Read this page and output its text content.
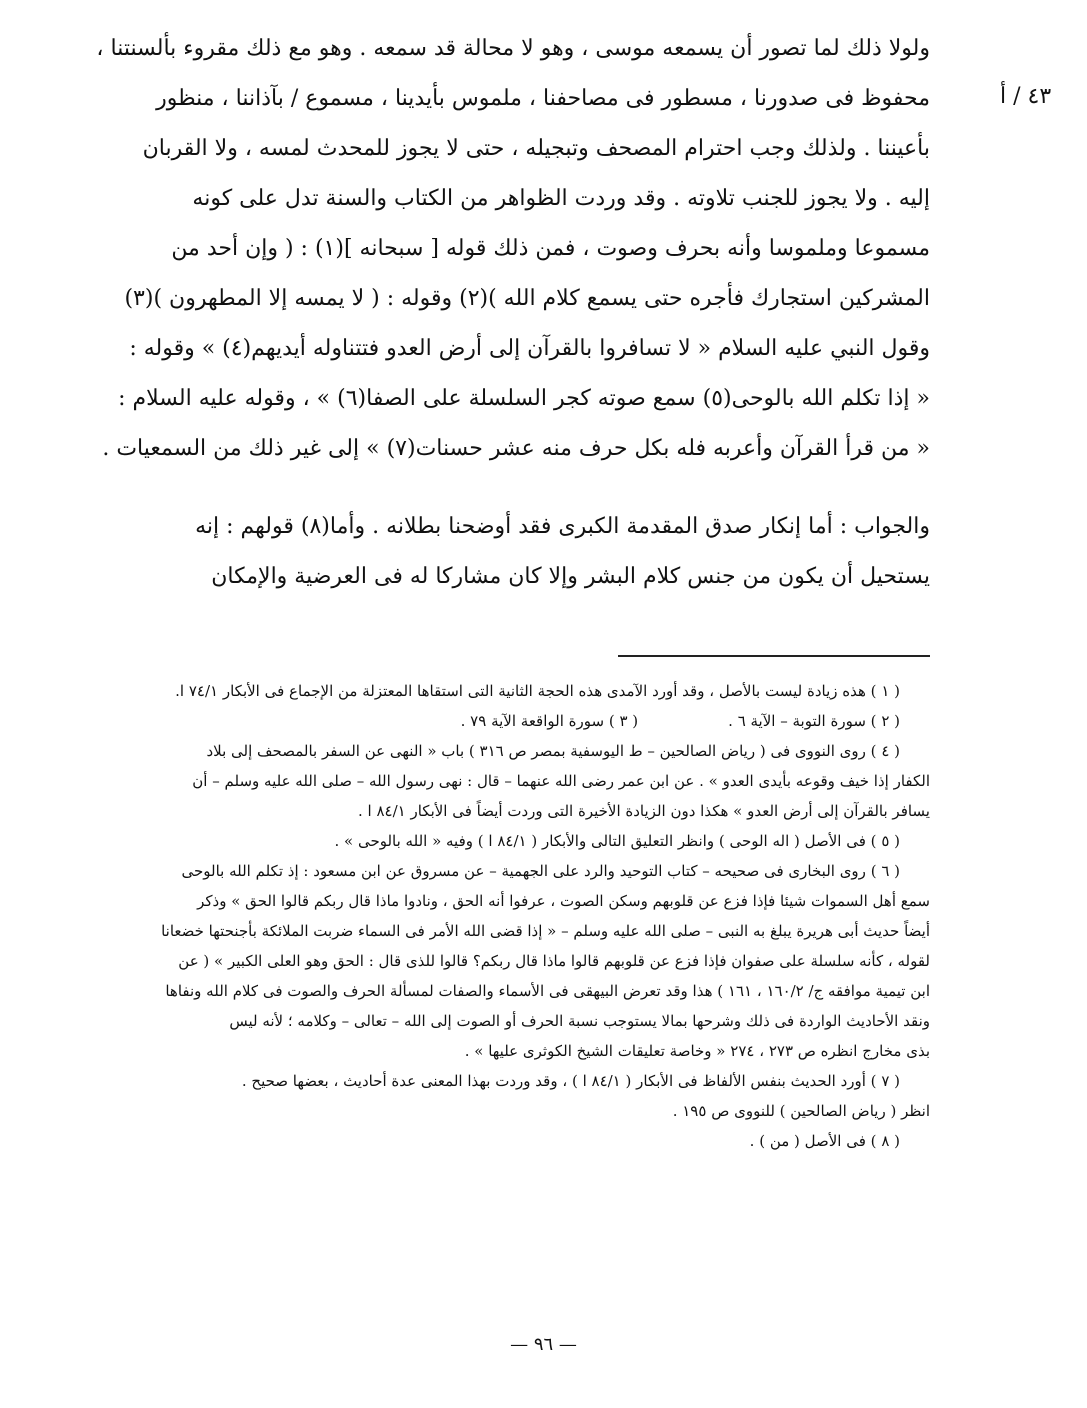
٤٣ / أ
ولولا ذلك لما تصور أن يسمعه موسى ، وهو لا محالة قد سمعه . وهو مع ذلك مقروء بألسنتنا ،
محفوظ فى صدورنا ، مسطور فى مصاحفنا ، ملموس بأيدينا ، مسموع / بآذاننا ، منظور
بأعيننا . ولذلك وجب احترام المصحف وتبجيله ، حتى لا يجوز للمحدث لمسه ، ولا القربان
إليه . ولا يجوز للجنب تلاوته . وقد وردت الظواهر من الكتاب والسنة تدل على كونه
مسموعا وملموسا وأنه بحرف وصوت ، فمن ذلك قوله [ سبحانه ](١) : ( وإن أحد من
المشركين استجارك فأجره حتى يسمع كلام الله )(٢) وقوله : ( لا يمسه إلا المطهرون )(٣)
وقول النبي عليه السلام « لا تسافروا بالقرآن إلى أرض العدو فتتناوله أيديهم(٤) » وقوله :
« إذا تكلم الله بالوحى(٥) سمع صوته كجر السلسلة على الصفا(٦) » ، وقوله عليه السلام :
« من قرأ القرآن وأعربه فله بكل حرف منه عشر حسنات(٧) » إلى غير ذلك من السمعيات .
والجواب : أما إنكار صدق المقدمة الكبرى فقد أوضحنا بطلانه . وأما(٨) قولهم : إنه
يستحيل أن يكون من جنس كلام البشر وإلا كان مشاركا له فى العرضية والإمكان
( ١ ) هذه زيادة ليست بالأصل ، وقد أورد الآمدى هذه الحجة الثانية التى استقاها المعتزلة من الإجماع فى الأبكار ٧٤/١ ا.
( ٢ ) سورة التوبة – الآية ٦ .
( ٣ ) سورة الواقعة الآية ٧٩ .
( ٤ ) روى النووى فى ( رياض الصالحين – ط اليوسفية بمصر ص ٣١٦ ) باب « النهى عن السفر بالمصحف إلى بلاد
الكفار إذا خيف وقوعه بأيدى العدو » . عن ابن عمر رضى الله عنهما – قال : نهى رسول الله – صلى الله عليه وسلم – أن
يسافر بالقرآن إلى أرض العدو » هكذا دون الزيادة الأخيرة التى وردت أيضاً فى الأبكار ٨٤/١ ا .
( ٥ ) فى الأصل ( اله الوحى ) وانظر التعليق التالى والأبكار ( ٨٤/١ ا ) وفيه « الله بالوحى » .
( ٦ ) روى البخارى فى صحيحه – كتاب التوحيد والرد على الجهمية – عن مسروق عن ابن مسعود : إذ تكلم الله بالوحى
سمع أهل السموات شيئا فإذا فزع عن قلوبهم وسكن الصوت ، عرفوا أنه الحق ، ونادوا ماذا قال ربكم قالوا الحق » وذكر
أيضاً حديث أبى هريرة يبلغ به النبى – صلى الله عليه وسلم – « إذا قضى الله الأمر فى السماء ضربت الملائكة بأجنحتها خضعانا
لقوله ، كأنه سلسلة على صفوان فإذا فزع عن قلوبهم قالوا ماذا قال ربكم؟ قالوا للذى قال : الحق وهو العلى الكبير » ( عن
ابن تيمية موافقه ج/ ١٦٠/٢ ، ١٦١ ) هذا وقد تعرض البيهقى فى الأسماء والصفات لمسألة الحرف والصوت فى كلام الله ونفاها
ونقد الأحاديث الواردة فى ذلك وشرحها بمالا يستوجب نسبة الحرف أو الصوت إلى الله – تعالى – وكلامه ؛ لأنه ليس
بذى مخارج انظره ص ٢٧٣ ، ٢٧٤ « وخاصة تعليقات الشيخ الكوثرى عليها » .
( ٧ ) أورد الحديث بنفس الألفاظ فى الأبكار ( ٨٤/١ ا ) ، وقد وردت بهذا المعنى عدة أحاديث ، بعضها صحيح .
انظر ( رياض الصالحين ) للنووى ص ١٩٥ .
( ٨ ) فى الأصل ( من ) .
— ٩٦ —
